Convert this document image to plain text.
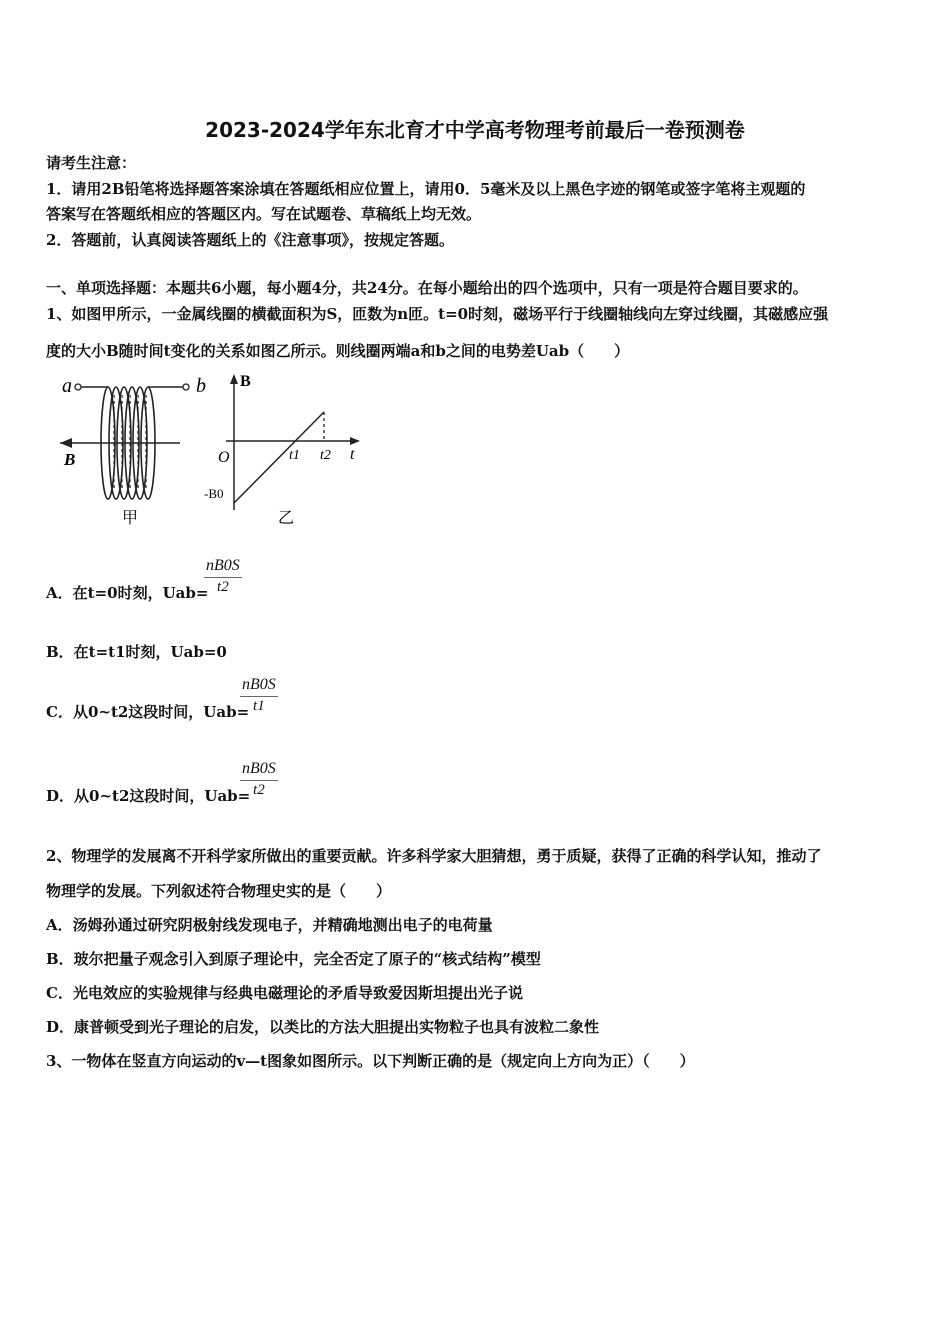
2023-2024学年东北育才中学高考物理考前最后一卷预测卷
请考生注意：
1．请用2B铅笔将选择题答案涂填在答题纸相应位置上，请用0．5毫米及以上黑色字迹的钢笔或签字笔将主观题的
答案写在答题纸相应的答题区内。写在试题卷、草稿纸上均无效。
2．答题前，认真阅读答题纸上的《注意事项》，按规定答题。
一、单项选择题：本题共6小题，每小题4分，共24分。在每小题给出的四个选项中，只有一项是符合题目要求的。
1、如图甲所示，一金属线圈的横截面积为S，匝数为n匝。t=0时刻，磁场平行于线圈轴线向左穿过线圈，其磁感应强
度的大小B随时间t变化的关系如图乙所示。则线圈两端a和b之间的电势差Uab（　　）
a	b
B
甲
B
O	t1 t2 t
-B0
乙
A．在t=0时刻，Uab=
$\frac{nB0S}{t2}$
B．在t=t1时刻，Uab=0
C．从0~t2这段时间，Uab=
$\frac{nB0S}{t1}$
D．从0~t2这段时间，Uab=
$\frac{nB0S}{t2}$
2、物理学的发展离不开科学家所做出的重要贡献。许多科学家大胆猜想，勇于质疑，获得了正确的科学认知，推动了
物理学的发展。下列叙述符合物理史实的是（　　）
A．汤姆孙通过研究阴极射线发现电子，并精确地测出电子的电荷量
B．玻尔把量子观念引入到原子理论中，完全否定了原子的“核式结构”模型
C．光电效应的实验规律与经典电磁理论的矛盾导致爱因斯坦提出光子说
D．康普顿受到光子理论的启发，以类比的方法大胆提出实物粒子也具有波粒二象性
3、一物体在竖直方向运动的v—t图象如图所示。以下判断正确的是（规定向上方向为正）（　　）
